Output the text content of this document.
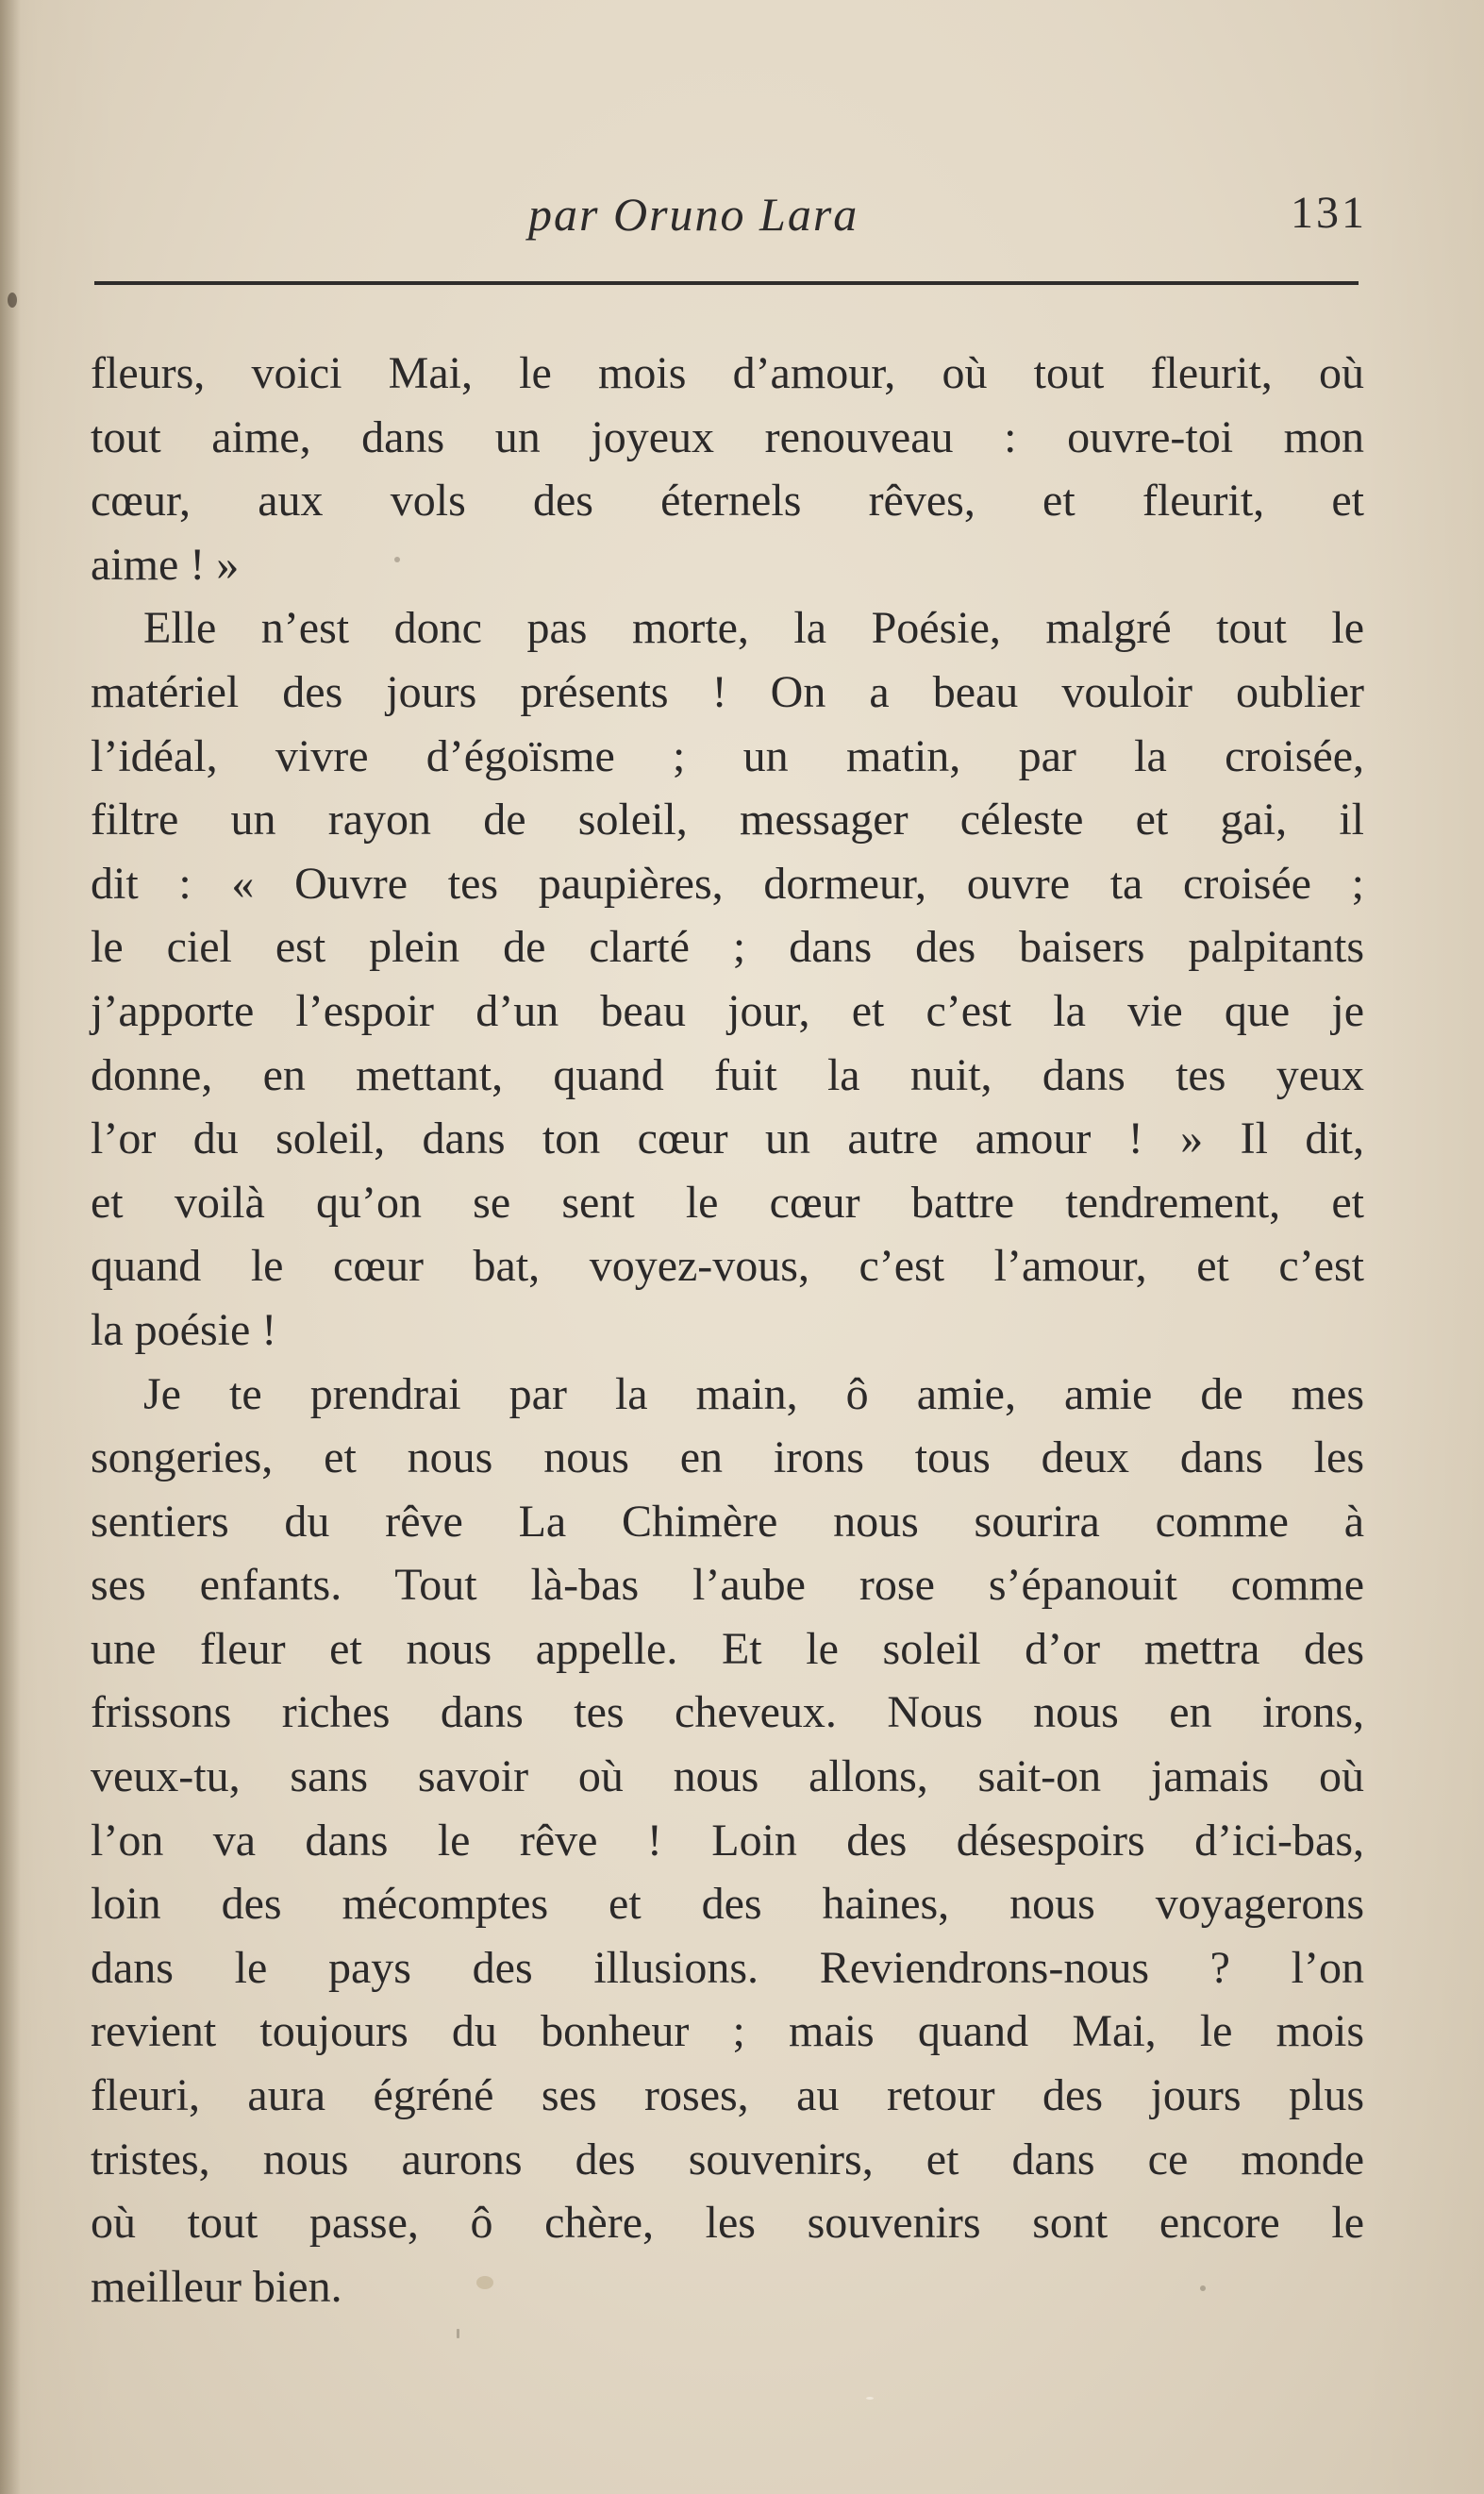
par Oruno Lara	131
fleurs, voici Mai, le mois d’amour, où tout fleurit, où
tout aime, dans un joyeux renouveau : ouvre-toi mon
cœur, aux vols des éternels rêves, et fleurit, et
aime ! »
Elle n’est donc pas morte, la Poésie, malgré tout le
matériel des jours présents ! On a beau vouloir oublier
l’idéal, vivre d’égoïsme ; un matin, par la croisée,
filtre un rayon de soleil, messager céleste et gai, il
dit : « Ouvre tes paupières, dormeur, ouvre ta croisée ;
le ciel est plein de clarté ; dans des baisers palpitants
j’apporte l’espoir d’un beau jour, et c’est la vie que je
donne, en mettant, quand fuit la nuit, dans tes yeux
l’or du soleil, dans ton cœur un autre amour ! » Il dit,
et voilà qu’on se sent le cœur battre tendrement, et
quand le cœur bat, voyez-vous, c’est l’amour, et c’est
la poésie !
Je te prendrai par la main, ô amie, amie de mes
songeries, et nous nous en irons tous deux dans les
sentiers du rêve La Chimère nous sourira comme à
ses enfants. Tout là-bas l’aube rose s’épanouit comme
une fleur et nous appelle. Et le soleil d’or mettra des
frissons riches dans tes cheveux. Nous nous en irons,
veux-tu, sans savoir où nous allons, sait-on jamais où
l’on va dans le rêve ! Loin des désespoirs d’ici-bas,
loin des mécomptes et des haines, nous voyagerons
dans le pays des illusions. Reviendrons-nous ? l’on
revient toujours du bonheur ; mais quand Mai, le mois
fleuri, aura égréné ses roses, au retour des jours plus
tristes, nous aurons des souvenirs, et dans ce monde
où tout passe, ô chère, les souvenirs sont encore le
meilleur bien.
